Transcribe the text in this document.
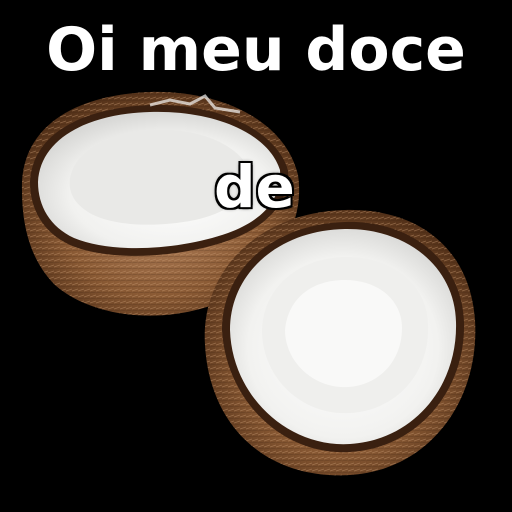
Oi meu doce
de
